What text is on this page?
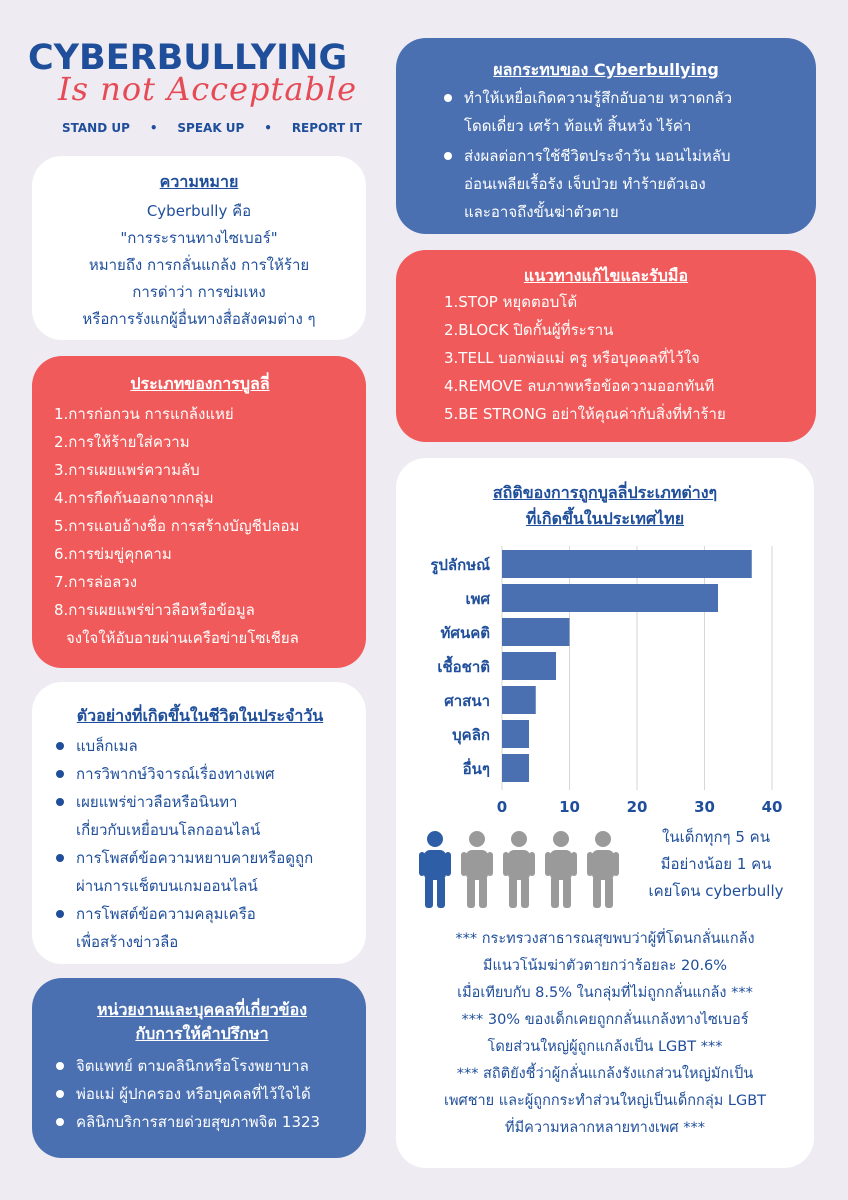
CYBERBULLYING
Is not Acceptable
STAND UP • SPEAK UP • REPORT IT
ความหมาย
Cyberbully คือ
"การระรานทางไซเบอร์"
หมายถึง การกลั่นแกล้ง การให้ร้าย
การด่าว่า การข่มเหง
หรือการรังแกผู้อื่นทางสื่อสังคมต่าง ๆ
ผลกระทบของ Cyberbullying
ทำให้เหยื่อเกิดความรู้สึกอับอาย หวาดกลัว
โดดเดี่ยว เศร้า ท้อแท้ สิ้นหวัง ไร้ค่า
ส่งผลต่อการใช้ชีวิตประจำวัน นอนไม่หลับ
อ่อนเพลียเรื้อรัง เจ็บป่วย ทำร้ายตัวเอง
และอาจถึงขั้นฆ่าตัวตาย
แนวทางแก้ไขและรับมือ
1.STOP หยุดตอบโต้
2.BLOCK ปิดกั้นผู้ที่ระราน
3.TELL บอกพ่อแม่ ครู หรือบุคคลที่ไว้ใจ
4.REMOVE ลบภาพหรือข้อความออกทันที
5.BE STRONG อย่าให้คุณค่ากับสิ่งที่ทำร้าย
ประเภทของการบูลลี่
1.การก่อกวน การแกล้งแหย่
2.การให้ร้ายใส่ความ
3.การเผยแพร่ความลับ
4.การกีดกันออกจากกลุ่ม
5.การแอบอ้างชื่อ การสร้างบัญชีปลอม
6.การข่มขู่คุกคาม
7.การล่อลวง
8.การเผยแพร่ข่าวลือหรือข้อมูล
จงใจให้อับอายผ่านเครือข่ายโซเชียล
ตัวอย่างที่เกิดขึ้นในชีวิตในประจำวัน
แบล็กเมล
การวิพากษ์วิจารณ์เรื่องทางเพศ
เผยแพร่ข่าวลือหรือนินทา
เกี่ยวกับเหยื่อบนโลกออนไลน์
การโพสต์ข้อความหยาบคายหรือดูถูก
ผ่านการแช็ตบนเกมออนไลน์
การโพสต์ข้อความคลุมเครือ
เพื่อสร้างข่าวลือ
หน่วยงานและบุคคลที่เกี่ยวข้อง
กับการให้คำปรึกษา
จิตแพทย์ ตามคลินิกหรือโรงพยาบาล
พ่อแม่ ผู้ปกครอง หรือบุคคลที่ไว้ใจได้
คลินิกบริการสายด่วยสุขภาพจิต 1323
รูปลักษณ์
เพศ
ทัศนคติ
เชื้อชาติ
ศาสนา
บุคลิก
อื่นๆ
0	10	20	30	40
สถิติของการถูกบูลลี่ประเภทต่างๆ
ที่เกิดขึ้นในประเทศไทย
ในเด็กทุกๆ 5 คน
มีอย่างน้อย 1 คน
เคยโดน cyberbully
*** กระทรวงสาธารณสุขพบว่าผู้ที่โดนกลั่นแกล้ง
มีแนวโน้มฆ่าตัวตายกว่าร้อยละ 20.6%
เมื่อเทียบกับ 8.5% ในกลุ่มที่ไม่ถูกกลั่นแกล้ง ***
*** 30% ของเด็กเคยถูกกลั่นแกล้งทางไซเบอร์
โดยส่วนใหญ่ผู้ถูกแกล้งเป็น LGBT ***
*** สถิติยังชี้ว่าผู้กลั่นแกล้งรังแกส่วนใหญ่มักเป็น
เพศชาย และผู้ถูกกระทำส่วนใหญ่เป็นเด็กกลุ่ม LGBT
ที่มีความหลากหลายทางเพศ ***
